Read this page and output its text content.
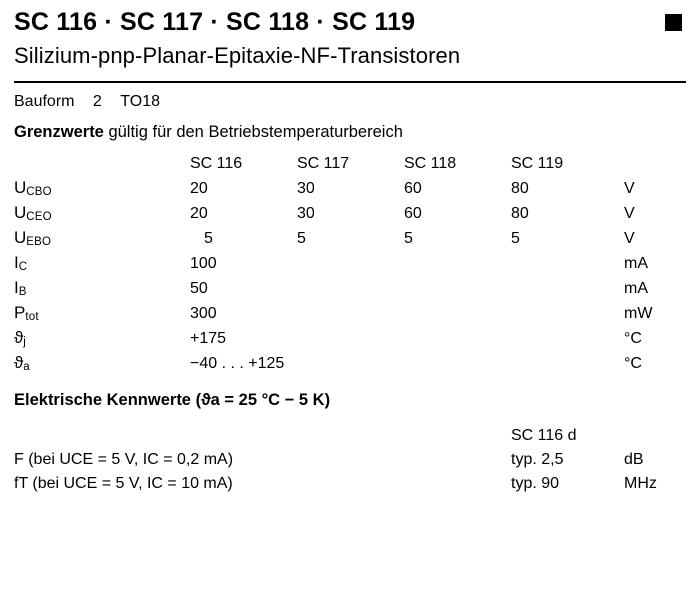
SC 116 · SC 117 · SC 118 · SC 119
Silizium-pnp-Planar-Epitaxie-NF-Transistoren
Bauform 2 TO18
Grenzwerte gültig für den Betriebstemperaturbereich
	SC 116	SC 117	SC 118	SC 119	
$U_{CBO}$	20	30	60	80	V
$U_{CEO}$	20	30	60	80	V
$U_{EBO}$	5	5	5	5	V
$I_C$	100				mA
$I_B$	50				mA
$P_{tot}$	300				mW
$ϑ_j$	+175				°C
$ϑ_a$	−40 . . . +125				°C
Elektrische Kennwerte (ϑa = 25 °C − 5 K)
	SC 116 d	
F (bei UCE = 5 V, IC = 0,2 mA)	typ. 2,5	dB
fT (bei UCE = 5 V, IC = 10 mA)	typ. 90	MHz
